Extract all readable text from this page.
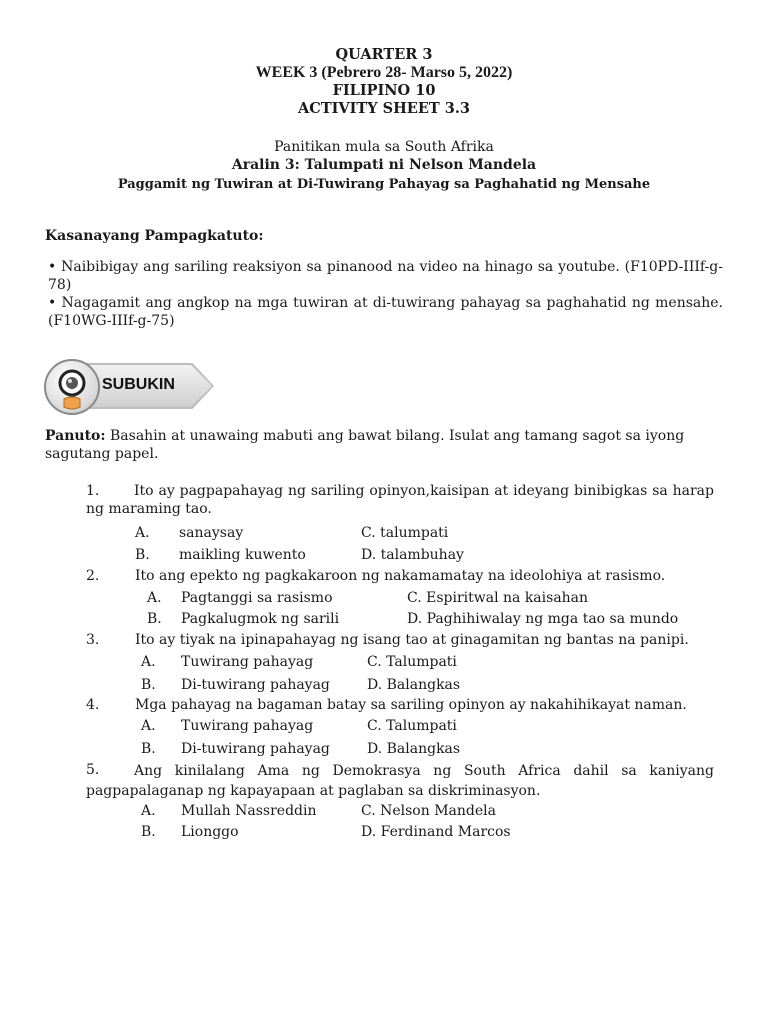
QUARTER 3
WEEK 3 (Pebrero 28- Marso 5, 2022)
FILIPINO 10
ACTIVITY SHEET 3.3
Panitikan mula sa South Afrika
Aralin 3: Talumpati ni Nelson Mandela
Paggamit ng Tuwiran at Di-Tuwirang Pahayag sa Paghahatid ng Mensahe
Kasanayang Pampagkatuto:

• Naibibigay ang sariling reaksiyon sa pinanood na video na hinago sa youtube. (F10PD-IIIf-g-78)

• Nagagamit ang angkop na mga tuwiran at di-tuwirang pahayag sa paghahatid ng mensahe. (F10WG-IIIf-g-75)

SUBUKIN
Panuto: Basahin at unawaing mabuti ang bawat bilang. Isulat ang tamang sagot sa iyong sagutang papel.
1.	Ito ay pagpapahayag ng sariling opinyon,kaisipan at ideyang binibigkas sa harap ng maraming tao.
A. sanaysay	C. talumpati
B. maikling kuwento	D. talambuhay
2.	Ito ang epekto ng pagkakaroon ng nakamamatay na ideolohiya at rasismo.
A. Pagtanggi sa rasismo	C. Espiritwal na kaisahan
B. Pagkalugmok ng sarili	D. Paghihiwalay ng mga tao sa mundo
3.	Ito ay tiyak na ipinapahayag ng isang tao at ginagamitan ng bantas na panipi.
A. Tuwirang pahayag	C. Talumpati
B. Di-tuwirang pahayag	D. Balangkas
4.	Mga pahayag na bagaman batay sa sariling opinyon ay nakahihikayat naman.
A. Tuwirang pahayag	C. Talumpati
B. Di-tuwirang pahayag	D. Balangkas
5.	Ang kinilalang Ama ng Demokrasya ng South Africa dahil sa kaniyang pagpapalaganap ng kapayapaan at paglaban sa diskriminasyon.
A. Mullah Nassreddin	C. Nelson Mandela
B. Lionggo	D. Ferdinand Marcos
